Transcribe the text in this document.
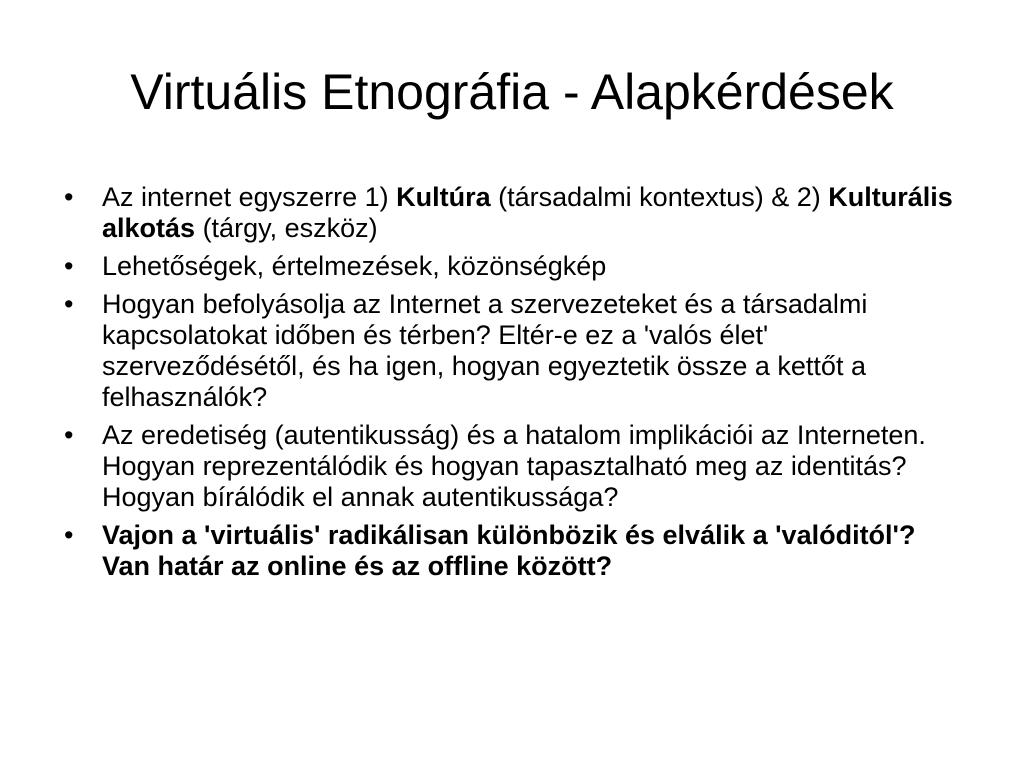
Virtuális Etnográfia - Alapkérdések
• Az internet egyszerre 1) Kultúra (társadalmi kontextus) & 2) Kulturális alkotás (tárgy, eszköz)
• Lehetőségek, értelmezések, közönségkép
• Hogyan befolyásolja az Internet a szervezeteket és a társadalmi kapcsolatokat időben és térben? Eltér-e ez a 'valós élet' szerveződésétől, és ha igen, hogyan egyeztetik össze a kettőt a felhasználók?
• Az eredetiség (autentikusság) és a hatalom implikációi az Interneten. Hogyan reprezentálódik és hogyan tapasztalható meg az identitás? Hogyan bírálódik el annak autentikussága?
• Vajon a 'virtuális' radikálisan különbözik és elválik a 'valóditól'? Van határ az online és az offline között?
